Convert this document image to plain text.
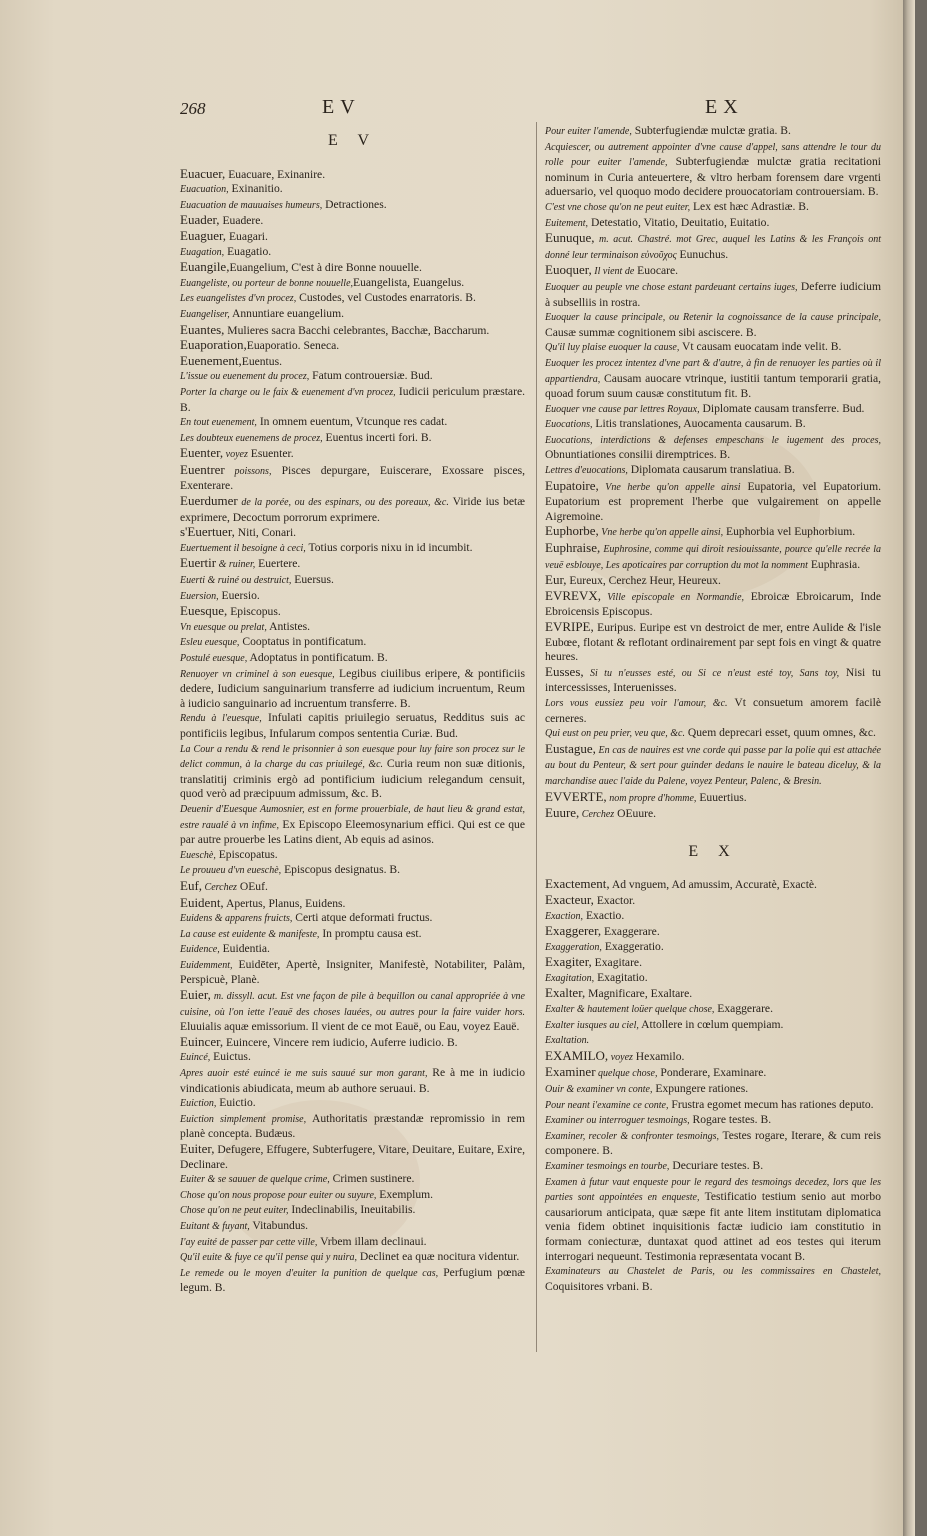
268	EV	EX
E V

Euacuer, Euacuare, Exinanire.

Euacuation, Exinanitio.

Euacuation de mauuaises humeurs, Detractiones.

Euader, Euadere.

Euaguer, Euagari.

Euagation, Euagatio.

Euangile,Euangelium, C'est à dire Bonne nouuelle.

Euangeliste, ou porteur de bonne nouuelle,Euangelista, Euangelus.

Les euangelistes d'vn procez, Custodes, vel Custodes enarratoris. B.

Euangeliser, Annuntiare euangelium.

Euantes, Mulieres sacra Bacchi celebrantes, Bacchæ, Baccharum.

Euaporation,Euaporatio. Seneca.

Euenement,Euentus.

L'issue ou euenement du procez, Fatum controuersiæ. Bud.

Porter la charge ou le faix & euenement d'vn procez, Iudicii periculum præstare. B.

En tout euenement, In omnem euentum, Vtcunque res cadat.

Les doubteux euenemens de procez, Euentus incerti fori. B.

Euenter, voyez Esuenter.

Euentrer poissons, Pisces depurgare, Euiscerare, Exossare pisces, Exenterare.

Euerdumer de la porée, ou des espinars, ou des poreaux, &c. Viride ius betæ exprimere, Decoctum porrorum exprimere.

s'Euertuer, Niti, Conari.

Euertuement il besoigne à ceci, Totius corporis nixu in id incumbit.

Euertir & ruiner, Euertere.

Euerti & ruiné ou destruict, Euersus.

Euersion, Euersio.

Euesque, Episcopus.

Vn euesque ou prelat, Antistes.

Esleu euesque, Cooptatus in pontificatum.

Postulé euesque, Adoptatus in pontificatum. B.

Renuoyer vn criminel à son euesque, Legibus ciuilibus eripere, & pontificiis dedere, Iudicium sanguinarium transferre ad iudicium incruentum, Reum à iudicio sanguinario ad incruentum transferre. B.

Rendu à l'euesque, Infulati capitis priuilegio seruatus, Redditus suis ac pontificiis legibus, Infularum compos sententia Curiæ. Bud.

La Cour a rendu & rend le prisonnier à son euesque pour luy faire son procez sur le delict commun, à la charge du cas priuilegé, &c. Curia reum non suæ ditionis, translatitij criminis ergò ad pontificium iudicium relegandum censuit, quod verò ad præcipuum admissum, &c. B.

Deuenir d'Euesque Aumosnier, est en forme prouerbiale, de haut lieu & grand estat, estre raualé à vn infime, Ex Episcopo Eleemosynarium effici. Qui est ce que par autre prouerbe les Latins dient, Ab equis ad asinos.

Eueschè, Episcopatus.

Le prouueu d'vn eueschè, Episcopus designatus. B.

Euf, Cerchez OEuf.

Euident, Apertus, Planus, Euidens.

Euidens & apparens fruicts, Certi atque deformati fructus.

La cause est euidente & manifeste, In promptu causa est.

Euidence, Euidentia.

Euidemment, Euidēter, Apertè, Insigniter, Manifestè, Notabiliter, Palàm, Perspicuè, Planè.

Euier, m. dissyll. acut. Est vne façon de pile à bequillon ou canal appropriée à vne cuisine, où l'on iette l'eauë des choses lauées, ou autres pour la faire vuider hors. Eluuialis aquæ emissorium. Il vient de ce mot Eauë, ou Eau, voyez Eauë.

Euincer, Euincere, Vincere rem iudicio, Auferre iudicio. B.

Euincé, Euictus.

Apres auoir esté euincé ie me suis sauué sur mon garant, Re à me in iudicio vindicationis abiudicata, meum ab authore seruaui. B.

Euiction, Euictio.

Euiction simplement promise, Authoritatis præstandæ repromissio in rem planè concepta. Budæus.

Euiter, Defugere, Effugere, Subterfugere, Vitare, Deuitare, Euitare, Exire, Declinare.

Euiter & se sauuer de quelque crime, Crimen sustinere.

Chose qu'on nous propose pour euiter ou suyure, Exemplum.

Chose qu'on ne peut euiter, Indeclinabilis, Ineuitabilis.

Euitant & fuyant, Vitabundus.

I'ay euité de passer par cette ville, Vrbem illam declinaui.

Qu'il euite & fuye ce qu'il pense qui y nuira, Declinet ea quæ nocitura videntur.

Le remede ou le moyen d'euiter la punition de quelque cas, Perfugium pœnæ legum. B.

Pour euiter l'amende, Subterfugiendæ mulctæ gratia. B.

Acquiescer, ou autrement appointer d'vne cause d'appel, sans attendre le tour du rolle pour euiter l'amende, Subterfugiendæ mulctæ gratia recitationi nominum in Curia anteuertere, & vltro herbam forensem dare vrgenti aduersario, vel quoquo modo decidere prouocatoriam controuersiam. B.

C'est vne chose qu'on ne peut euiter, Lex est hæc Adrastiæ. B.

Euitement, Detestatio, Vitatio, Deuitatio, Euitatio.

Eunuque, m. acut. Chastré. mot Grec, auquel les Latins & les François ont donné leur terminaison εὐνοῦχος Eunuchus.

Euoquer, Il vient de Euocare.

Euoquer au peuple vne chose estant pardeuant certains iuges, Deferre iudicium à subselliis in rostra.

Euoquer la cause principale, ou Retenir la cognoissance de la cause principale, Causæ summæ cognitionem sibi asciscere. B.

Qu'il luy plaise euoquer la cause, Vt causam euocatam inde velit. B.

Euoquer les procez intentez d'vne part & d'autre, à fin de renuoyer les parties où il appartiendra, Causam auocare vtrinque, iustitii tantum temporarii gratia, quoad forum suum causæ constitutum fit. B.

Euoquer vne cause par lettres Royaux, Diplomate causam transferre. Bud.

Euocations, Litis translationes, Auocamenta causarum. B.

Euocations, interdictions & defenses empeschans le iugement des proces, Obnuntiationes consilii diremptrices. B.

Lettres d'euocations, Diplomata causarum translatiua. B.

Eupatoire, Vne herbe qu'on appelle ainsi Eupatoria, vel Eupatorium. Eupatorium est proprement l'herbe que vulgairement on appelle Aigremoine.

Euphorbe, Vne herbe qu'on appelle ainsi, Euphorbia vel Euphorbium.

Euphraise, Euphrosine, comme qui diroit resiouissante, pource qu'elle recrée la veuë esblouye, Les apoticaires par corruption du mot la nomment Euphrasia.

Eur, Eureux, Cerchez Heur, Heureux.

EVREVX, Ville episcopale en Normandie, Ebroicæ Ebroicarum, Inde Ebroicensis Episcopus.

EVRIPE, Euripus. Euripe est vn destroict de mer, entre Aulide & l'isle Eubœe, flotant & reflotant ordinairement par sept fois en vingt & quatre heures.

Eusses, Si tu n'eusses esté, ou Si ce n'eust esté toy, Sans toy, Nisi tu intercessisses, Interuenisses.

Lors vous eussiez peu voir l'amour, &c. Vt consuetum amorem facilè cerneres.

Qui eust on peu prier, veu que, &c. Quem deprecari esset, quum omnes, &c.

Eustague, En cas de nauires est vne corde qui passe par la polie qui est attachée au bout du Penteur, & sert pour guinder dedans le nauire le bateau diceluy, & la marchandise auec l'aide du Palene, voyez Penteur, Palenc, & Bresin.

EVVERTE, nom propre d'homme, Euuertius.

Euure, Cerchez OEuure.

E X

Exactement, Ad vnguem, Ad amussim, Accuratè, Exactè.

Exacteur, Exactor.

Exaction, Exactio.

Exaggerer, Exaggerare.

Exaggeration, Exaggeratio.

Exagiter, Exagitare.

Exagitation, Exagitatio.

Exalter, Magnificare, Exaltare.

Exalter & hautement loüer quelque chose, Exaggerare.

Exalter iusques au ciel, Attollere in cœlum quempiam.

Exaltation.

EXAMILO, voyez Hexamilo.

Examiner quelque chose, Ponderare, Examinare.

Ouir & examiner vn conte, Expungere rationes.

Pour neant i'examine ce conte, Frustra egomet mecum has rationes deputo.

Examiner ou interroguer tesmoings, Rogare testes. B.

Examiner, recoler & confronter tesmoings, Testes rogare, Iterare, & cum reis componere. B.

Examiner tesmoings en tourbe, Decuriare testes. B.

Examen à futur vaut enqueste pour le regard des tesmoings decedez, lors que les parties sont appointées en enqueste, Testificatio testium senio aut morbo causariorum anticipata, quæ sæpe fit ante litem institutam diplomatica venia fidem obtinet inquisitionis factæ iudicio iam constitutio in formam coniecturæ, duntaxat quod attinet ad eos testes qui iterum interrogari nequeunt. Testimonia repræsentata vocant B.

Examinateurs au Chastelet de Paris, ou les commissaires en Chastelet, Coquisitores vrbani. B.
